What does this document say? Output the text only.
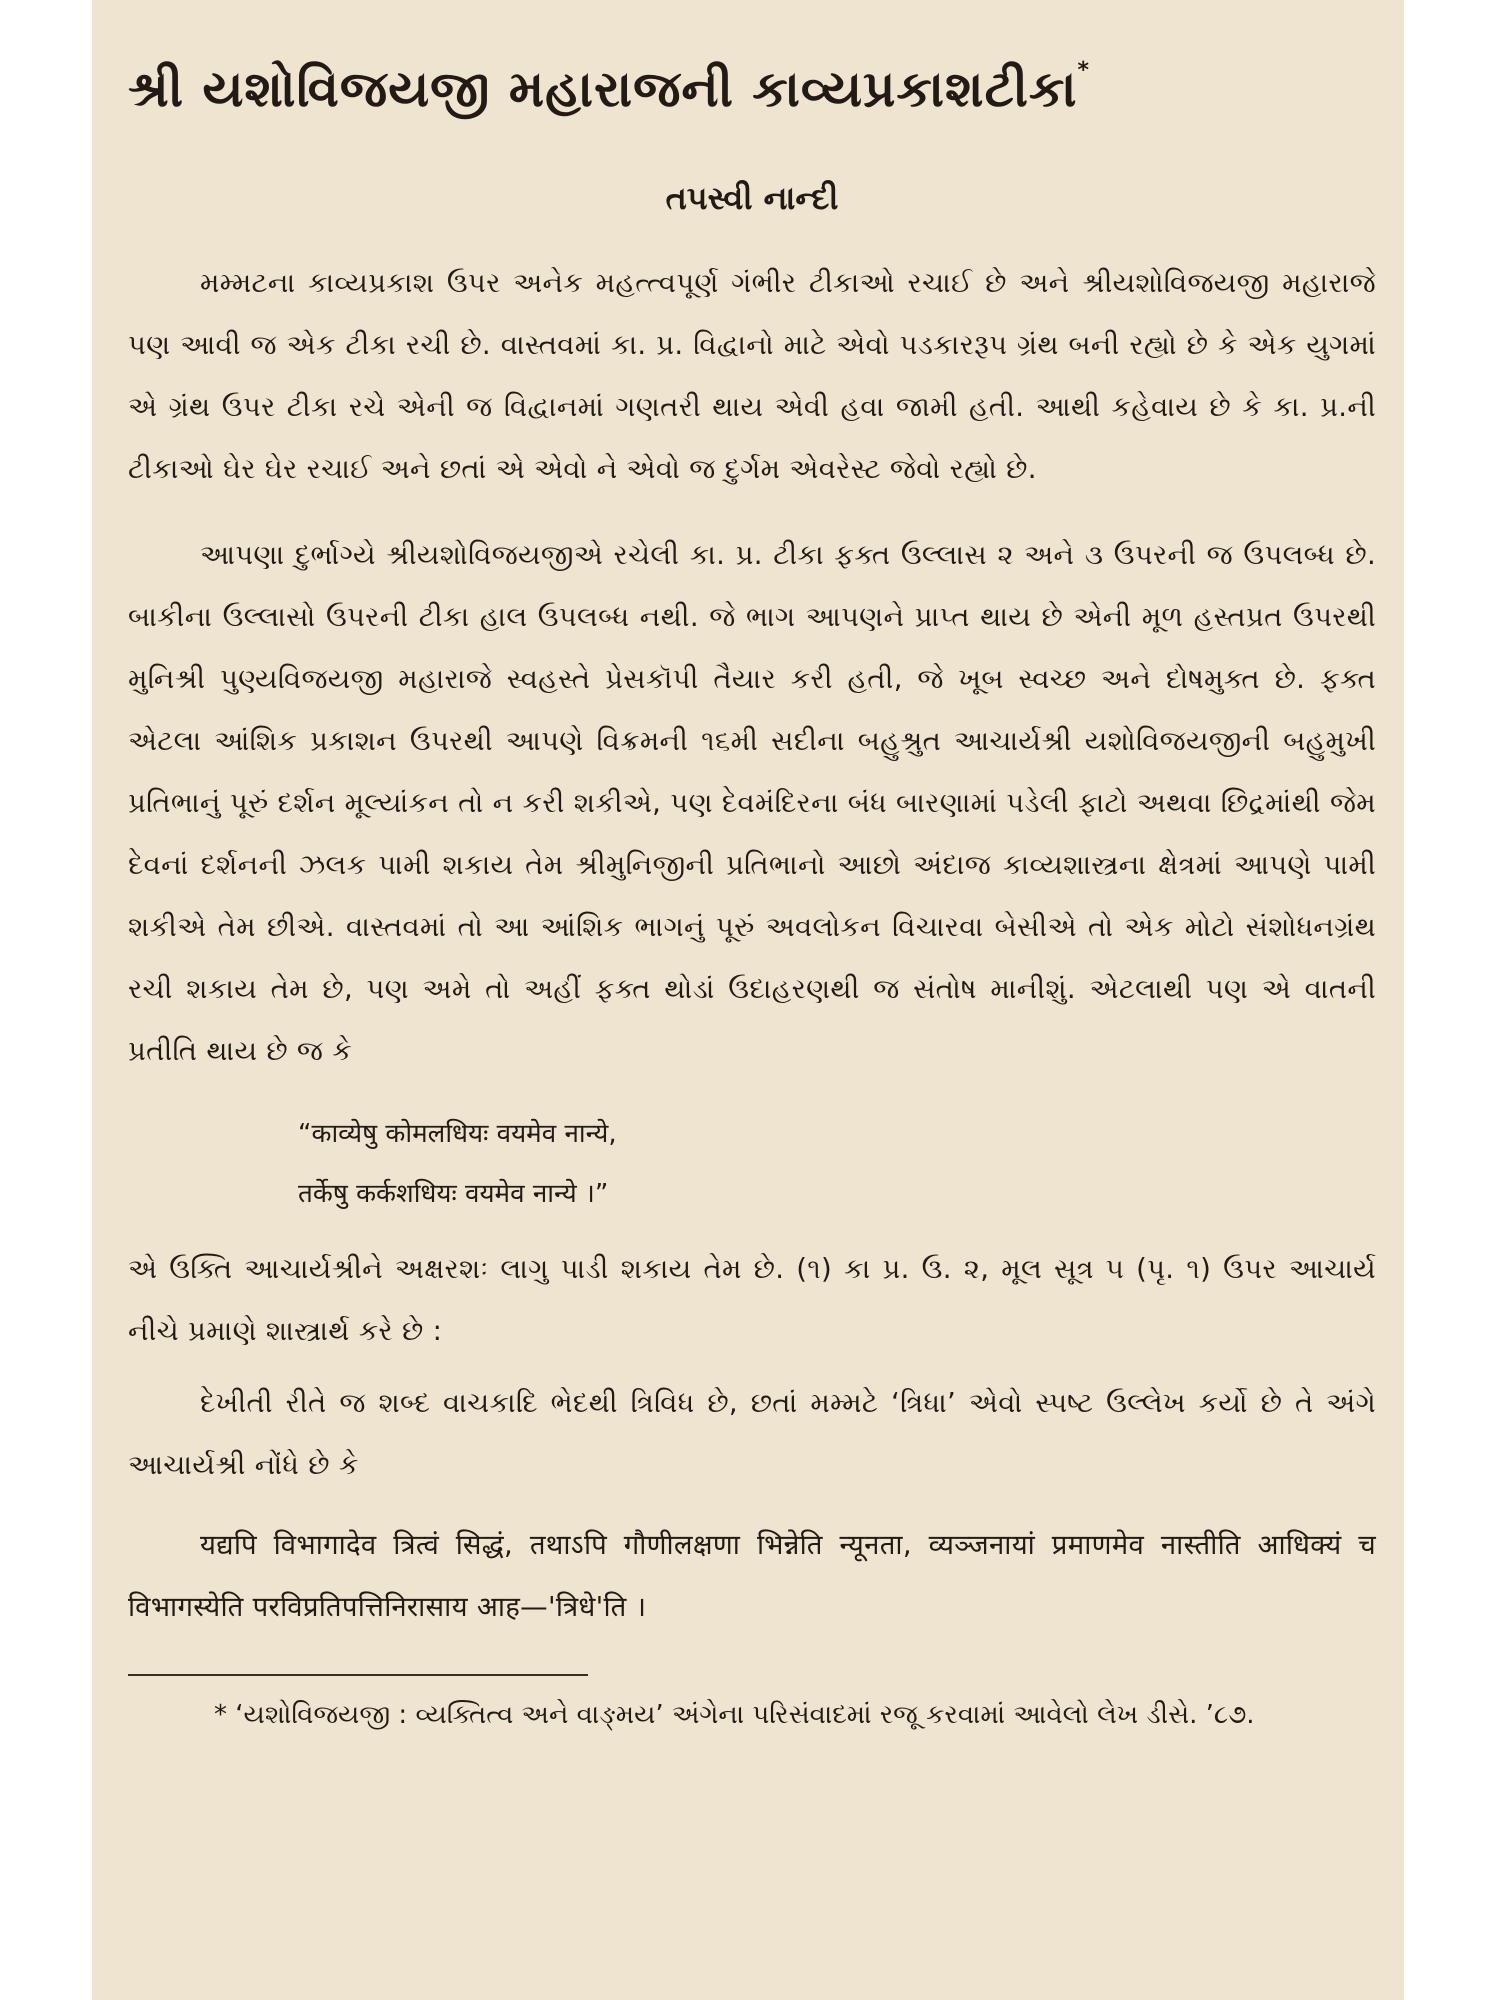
શ્રી યશોવિજયજી મહારાજની કાવ્યપ્રકાશટીકા*
તપસ્વી નાન્દી

મમ્મટના કાવ્યપ્રકાશ ઉપર અનેક મહત્ત્વપૂર્ણ ગંભીર ટીકાઓ રચાઈ છે અને શ્રીયશોવિજયજી મહારાજે પણ આવી જ એક ટીકા રચી છે. વાસ્તવમાં કા. પ્ર. વિદ્વાનો માટે એવો પડકારરૂપ ગ્રંથ બની રહ્યો છે કે એક યુગમાં એ ગ્રંથ ઉપર ટીકા રચે એની જ વિદ્વાનમાં ગણતરી થાય એવી હવા જામી હતી. આથી કહેવાય છે કે કા. પ્ર.ની ટીકાઓ ઘેર ઘેર રચાઈ અને છતાં એ એવો ને એવો જ દુર્ગમ એવરેસ્ટ જેવો રહ્યો છે.

આપણા દુર્ભાગ્યે શ્રીયશોવિજયજીએ રચેલી કા. પ્ર. ટીકા ફક્ત ઉલ્લાસ ૨ અને ૩ ઉપરની જ ઉપલબ્ધ છે. બાકીના ઉલ્લાસો ઉપરની ટીકા હાલ ઉપલબ્ધ નથી. જે ભાગ આપણને પ્રાપ્ત થાય છે એની મૂળ હસ્તપ્રત ઉપરથી મુનિશ્રી પુણ્યવિજયજી મહારાજે સ્વહસ્તે પ્રેસકૉપી તૈયાર કરી હતી, જે ખૂબ સ્વચ્છ અને દોષમુક્ત છે. ફક્ત એટલા આંશિક પ્રકાશન ઉપરથી આપણે વિક્રમની ૧૬મી સદીના બહુશ્રુત આચાર્યશ્રી યશોવિજયજીની બહુમુખી પ્રતિભાનું પૂરું દર્શન મૂલ્યાંકન તો ન કરી શકીએ, પણ દેવમંદિરના બંધ બારણામાં પડેલી ફાટો અથવા છિદ્રમાંથી જેમ દેવનાં દર્શનની ઝલક પામી શકાય તેમ શ્રીમુનિજીની પ્રતિભાનો આછો અંદાજ કાવ્યશાસ્ત્રના ક્ષેત્રમાં આપણે પામી શકીએ તેમ છીએ. વાસ્તવમાં તો આ આંશિક ભાગનું પૂરું અવલોકન વિચારવા બેસીએ તો એક મોટો સંશોધનગ્રંથ રચી શકાય તેમ છે, પણ અમે તો અહીં ફક્ત થોડાં ઉદાહરણથી જ સંતોષ માનીશું. એટલાથી પણ એ વાતની પ્રતીતિ થાય છે જ કે

“काव्येषु कोमलधियः वयमेव नान्ये,
तर्केषु कर्कशधियः वयमेव नान्ये ।”

એ ઉક્તિ આચાર્યશ્રીને અક્ષરશઃ લાગુ પાડી શકાય તેમ છે. (૧) કા પ્ર. ઉ. ૨, મૂલ સૂત્ર ૫ (પૃ. ૧) ઉપર આચાર્ય નીચે પ્રમાણે શાસ્ત્રાર્થ કરે છે :

દેખીતી રીતે જ શબ્દ વાચકાદિ ભેદથી ત્રિવિધ છે, છતાં મમ્મટે ‘ત્રિધા’ એવો સ્પષ્ટ ઉલ્લેખ કર્યો છે તે અંગે આચાર્યશ્રી નોંધે છે કે

यद्यपि विभागादेव त्रित्वं सिद्धं, तथाऽपि गौणीलक्षणा भिन्नेति न्यूनता, व्यञ्जनायां प्रमाणमेव नास्तीति आधिक्यं च विभागस्येति परविप्रतिपत्तिनिरासाय आह—'त्रिधे'ति ।

* ‘યશોવિજયજી : વ્યક્તિત્વ અને વાઙ્મય’ અંગેના પરિસંવાદમાં રજૂ કરવામાં આવેલો લેખ ડીસે. ’૮૭.
